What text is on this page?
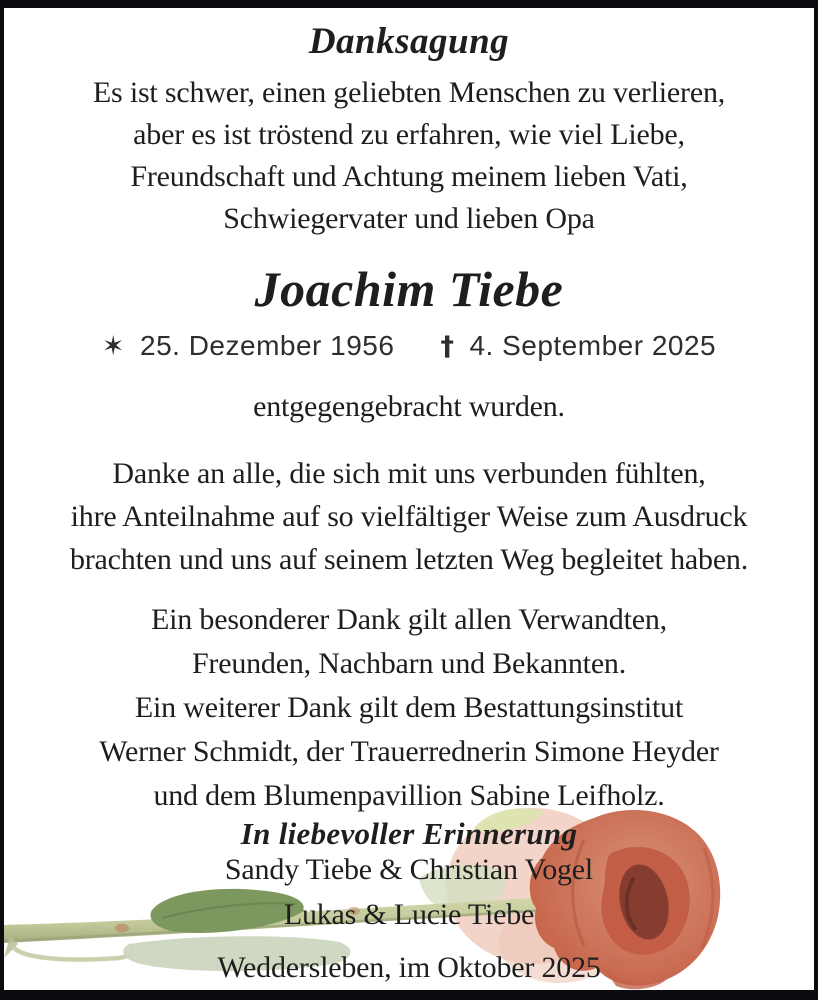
Danksagung
Es ist schwer, einen geliebten Menschen zu verlieren,
aber es ist tröstend zu erfahren, wie viel Liebe,
Freundschaft und Achtung meinem lieben Vati,
Schwiegervater und lieben Opa
Joachim Tiebe
✶ 25. Dezember 1956 † 4. September 2025
entgegengebracht wurden.
Danke an alle, die sich mit uns verbunden fühlten,
ihre Anteilnahme auf so vielfältiger Weise zum Ausdruck
brachten und uns auf seinem letzten Weg begleitet haben.
Ein besonderer Dank gilt allen Verwandten,
Freunden, Nachbarn und Bekannten.
Ein weiterer Dank gilt dem Bestattungsinstitut
Werner Schmidt, der Trauerrednerin Simone Heyder
und dem Blumenpavillion Sabine Leifholz.
In liebevoller Erinnerung
Sandy Tiebe & Christian Vogel
Lukas & Lucie Tiebe
Weddersleben, im Oktober 2025
